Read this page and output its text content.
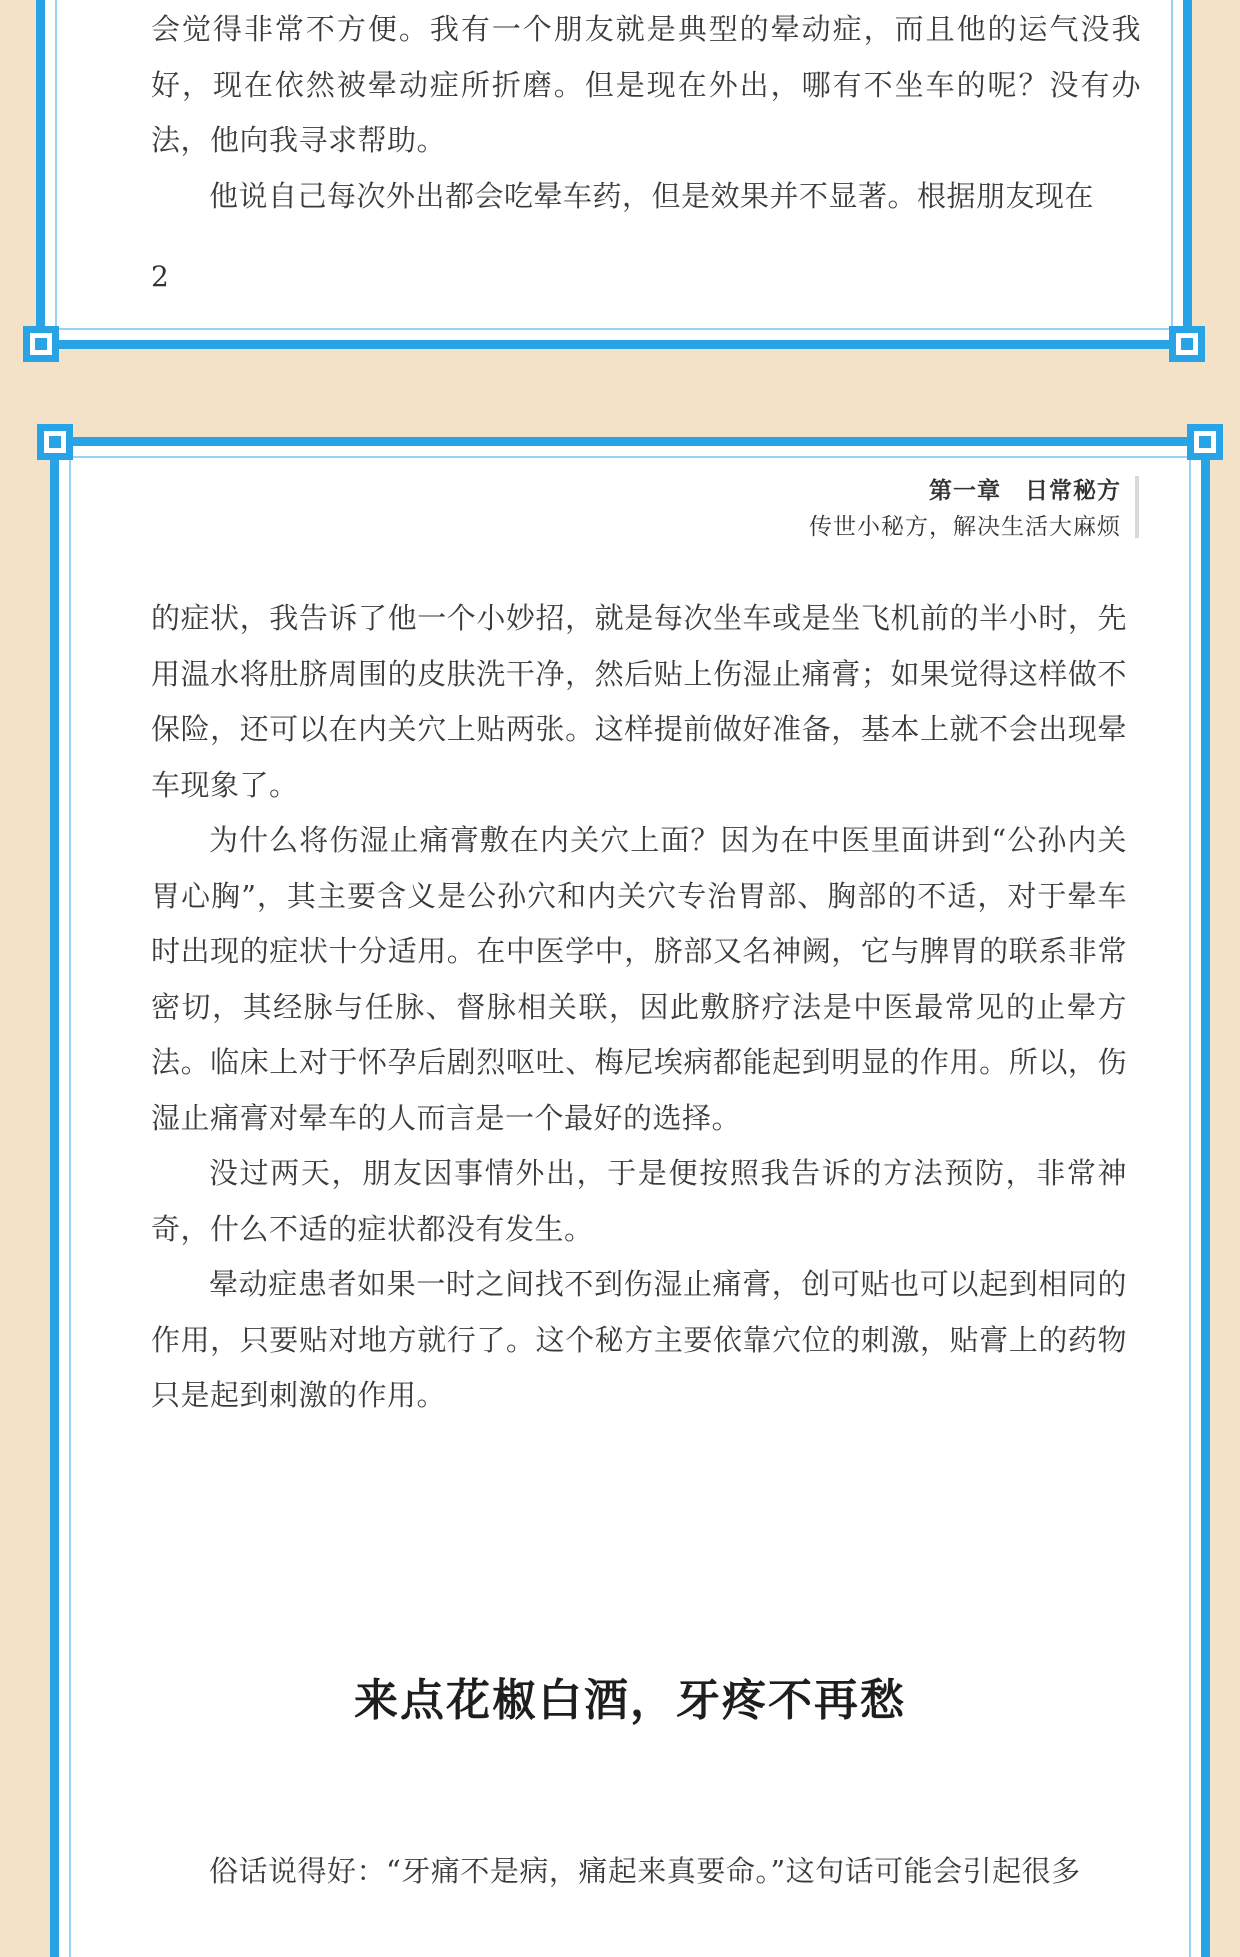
会觉得非常不方便。我有一个朋友就是典型的晕动症，而且他的运气没我好，现在依然被晕动症所折磨。但是现在外出，哪有不坐车的呢？没有办法，他向我寻求帮助。

他说自己每次外出都会吃晕车药，但是效果并不显著。根据朋友现在

2
第一章　日常秘方
传世小秘方，解决生活大麻烦

的症状，我告诉了他一个小妙招，就是每次坐车或是坐飞机前的半小时，先用温水将肚脐周围的皮肤洗干净，然后贴上伤湿止痛膏；如果觉得这样做不保险，还可以在内关穴上贴两张。这样提前做好准备，基本上就不会出现晕车现象了。

为什么将伤湿止痛膏敷在内关穴上面？因为在中医里面讲到“公孙内关胃心胸”，其主要含义是公孙穴和内关穴专治胃部、胸部的不适，对于晕车时出现的症状十分适用。在中医学中，脐部又名神阙，它与脾胃的联系非常密切，其经脉与任脉、督脉相关联，因此敷脐疗法是中医最常见的止晕方法。临床上对于怀孕后剧烈呕吐、梅尼埃病都能起到明显的作用。所以，伤湿止痛膏对晕车的人而言是一个最好的选择。

没过两天，朋友因事情外出，于是便按照我告诉的方法预防，非常神奇，什么不适的症状都没有发生。

晕动症患者如果一时之间找不到伤湿止痛膏，创可贴也可以起到相同的作用，只要贴对地方就行了。这个秘方主要依靠穴位的刺激，贴膏上的药物只是起到刺激的作用。

来点花椒白酒，牙疼不再愁

俗话说得好：“牙痛不是病，痛起来真要命。”这句话可能会引起很多
